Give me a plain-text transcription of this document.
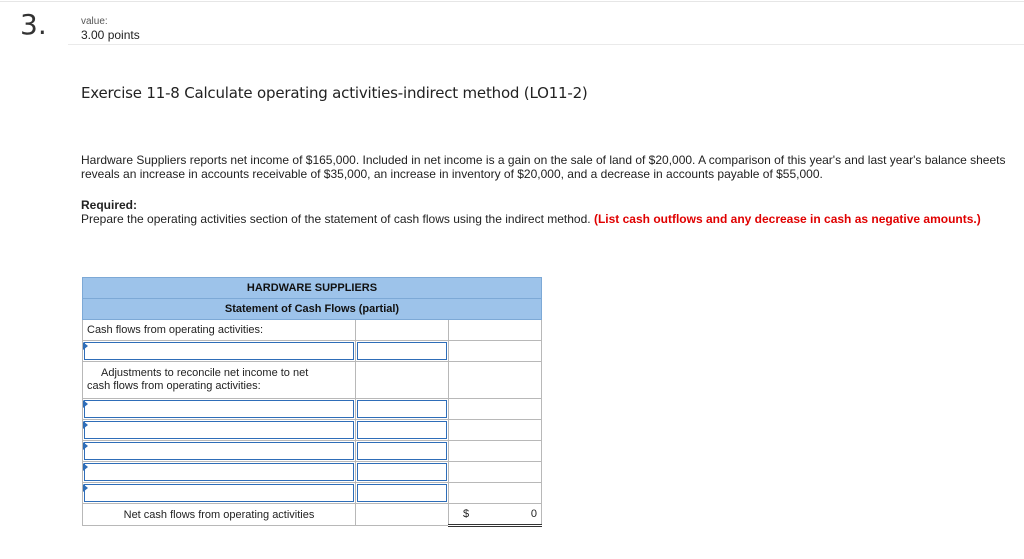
3.	value:
3.00 points
Exercise 11-8 Calculate operating activities-indirect method (LO11-2)
Hardware Suppliers reports net income of $165,000. Included in net income is a gain on the sale of land of $20,000. A comparison of this year's and last year's balance sheets reveals an increase in accounts receivable of $35,000, an increase in inventory of $20,000, and a decrease in accounts payable of $55,000.
Required:
Prepare the operating activities section of the statement of cash flows using the indirect method. (List cash outflows and any decrease in cash as negative amounts.)
HARDWARE SUPPLIERS		
Statement of Cash Flows (partial)		
Cash flows from operating activities:		

Adjustments to reconcile net income to net
cash flows from operating activities:		

Net cash flows from operating activities		$ 0
